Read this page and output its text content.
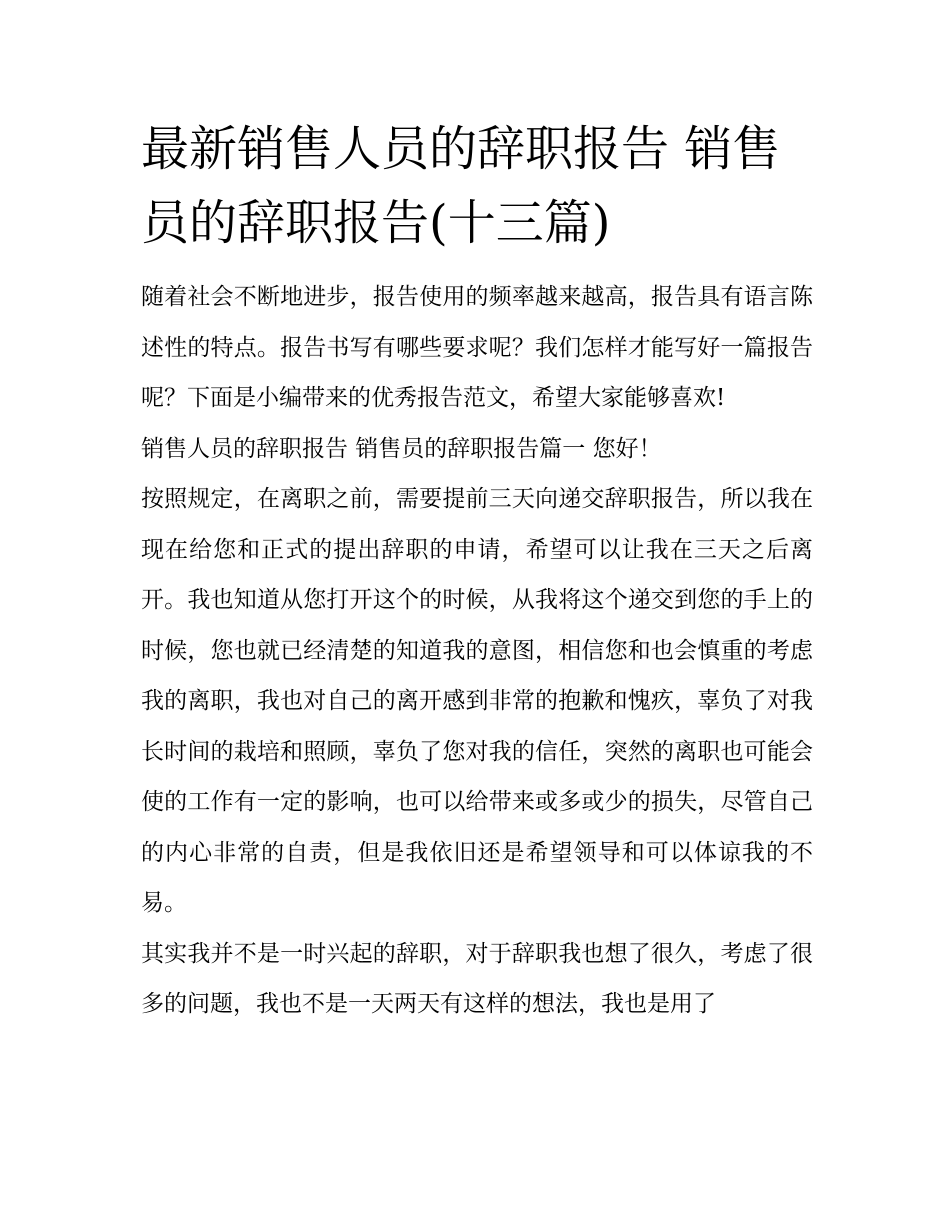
最新销售人员的辞职报告 销售员的辞职报告(十三篇)

随着社会不断地进步，报告使用的频率越来越高，报告具有语言陈述性的特点。报告书写有哪些要求呢？我们怎样才能写好一篇报告呢？下面是小编带来的优秀报告范文，希望大家能够喜欢!

销售人员的辞职报告 销售员的辞职报告篇一 您好！

按照规定，在离职之前，需要提前三天向递交辞职报告，所以我在现在给您和正式的提出辞职的申请，希望可以让我在三天之后离开。我也知道从您打开这个的时候，从我将这个递交到您的手上的时候，您也就已经清楚的知道我的意图，相信您和也会慎重的考虑我的离职，我也对自己的离开感到非常的抱歉和愧疚，辜负了对我长时间的栽培和照顾，辜负了您对我的信任，突然的离职也可能会使的工作有一定的影响，也可以给带来或多或少的损失，尽管自己的内心非常的自责，但是我依旧还是希望领导和可以体谅我的不易。

其实我并不是一时兴起的辞职，对于辞职我也想了很久，考虑了很多的问题，我也不是一天两天有这样的想法，我也是用了
